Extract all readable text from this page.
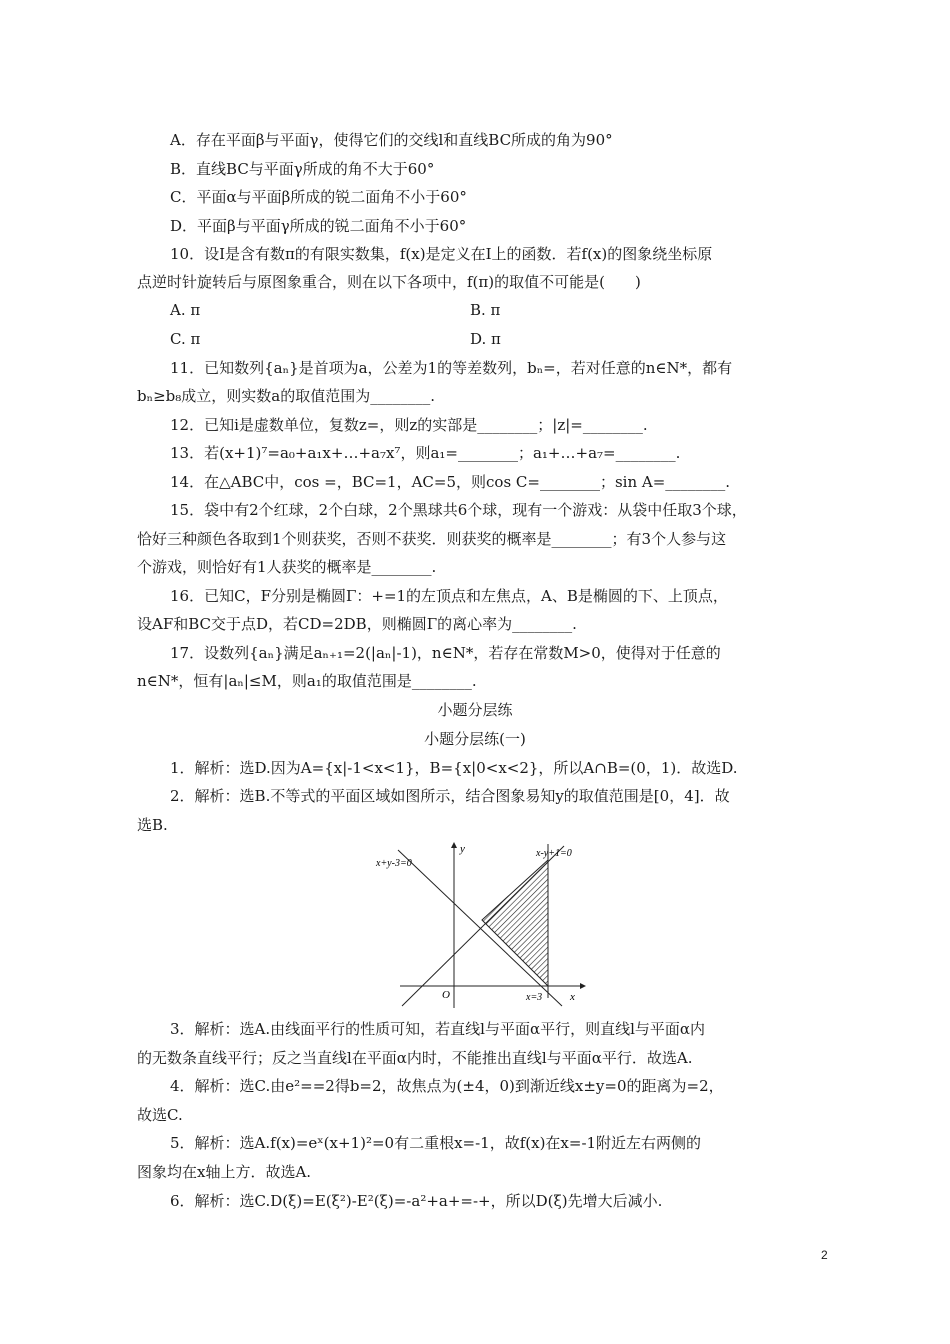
A．存在平面β与平面γ，使得它们的交线l和直线BC所成的角为90°
B．直线BC与平面γ所成的角不大于60°
C．平面α与平面β所成的锐二面角不小于60°
D．平面β与平面γ所成的锐二面角不小于60°
10．设I是含有数π的有限实数集，f(x)是定义在I上的函数．若f(x)的图象绕坐标原
点逆时针旋转后与原图象重合，则在以下各项中，f(π)的取值不可能是(　　)
A. π	B. π
C. π	D. π
11．已知数列{aₙ}是首项为a，公差为1的等差数列，bₙ=，若对任意的n∈N*，都有
bₙ≥b₈成立，则实数a的取值范围为________.
12．已知i是虚数单位，复数z=，则z的实部是________；|z|=________.
13．若(x+1)⁷=a₀+a₁x+…+a₇x⁷，则a₁=________；a₁+…+a₇=________.
14．在△ABC中，cos =，BC=1，AC=5，则cos C=________；sin A=________.
15．袋中有2个红球，2个白球，2个黑球共6个球，现有一个游戏：从袋中任取3个球，
恰好三种颜色各取到1个则获奖，否则不获奖．则获奖的概率是________；有3个人参与这
个游戏，则恰好有1人获奖的概率是________.
16．已知C，F分别是椭圆Γ：+=1的左顶点和左焦点，A、B是椭圆的下、上顶点，
设AF和BC交于点D，若CD=2DB，则椭圆Γ的离心率为________.
17．设数列{aₙ}满足aₙ₊₁=2(|aₙ|-1)，n∈N*，若存在常数M>0，使得对于任意的
n∈N*，恒有|aₙ|≤M，则a₁的取值范围是________.
小题分层练
小题分层练(一)
1．解析：选D.因为A={x|-1<x<1}，B={x|0<x<2}，所以A∩B=(0，1)．故选D.
2．解析：选B.不等式的平面区域如图所示，结合图象易知y的取值范围是[0，4]．故
选B.
x+y-3=0
x-y+1=0
y
x
O	x=3
3．解析：选A.由线面平行的性质可知，若直线l与平面α平行，则直线l与平面α内
的无数条直线平行；反之当直线l在平面α内时，不能推出直线l与平面α平行．故选A.
4．解析：选C.由e²==2得b=2，故焦点为(±4，0)到渐近线x±y=0的距离为=2，
故选C.
5．解析：选A.f(x)=eˣ(x+1)²=0有二重根x=-1，故f(x)在x=-1附近左右两侧的
图象均在x轴上方．故选A.
6．解析：选C.D(ξ)=E(ξ²)-E²(ξ)=-a²+a+=-+，所以D(ξ)先增大后减小.
2
